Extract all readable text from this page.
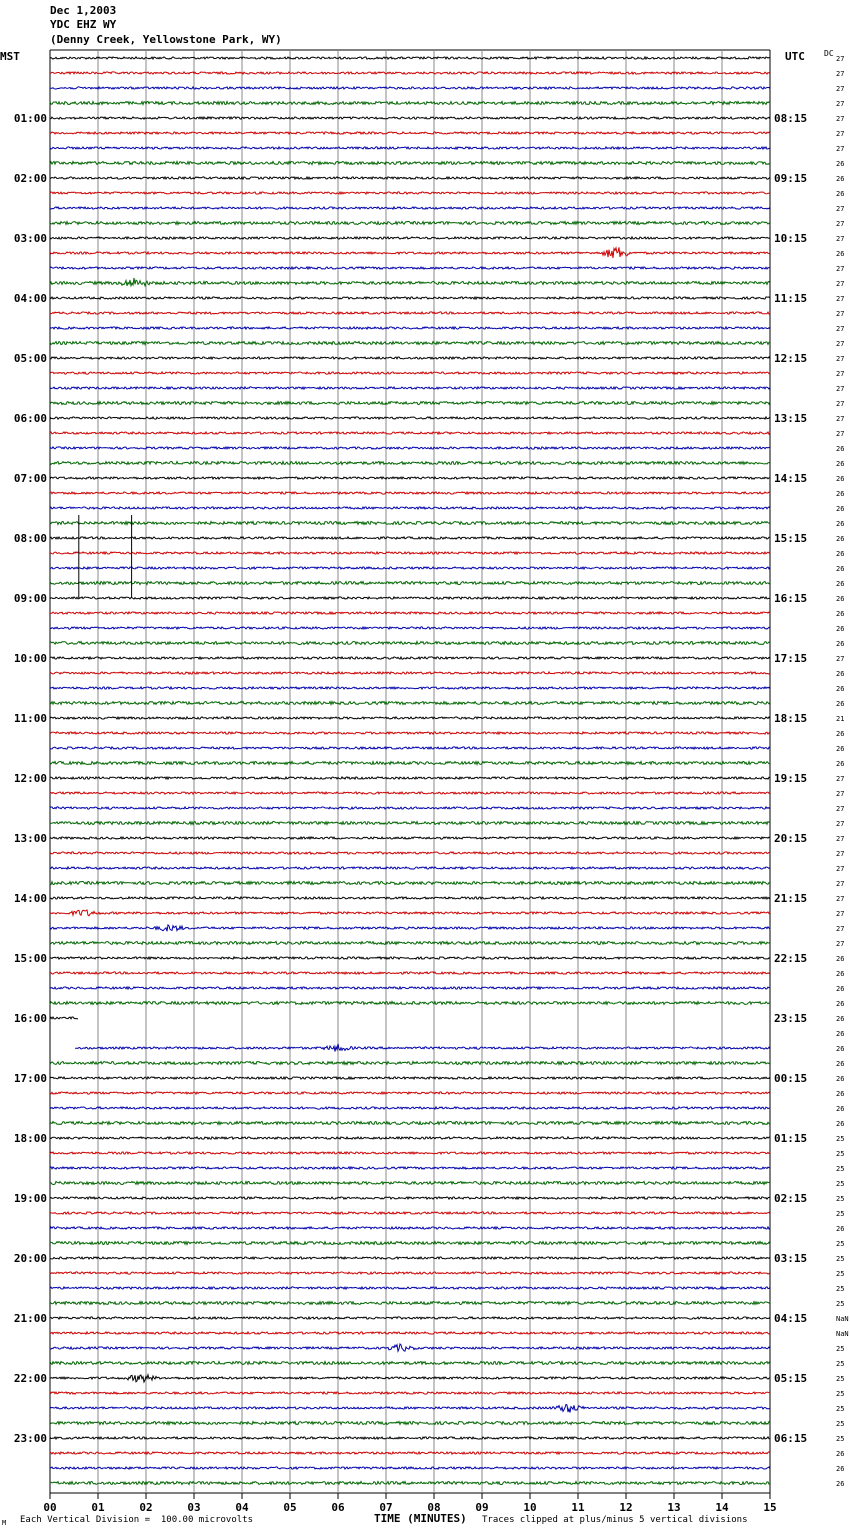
Dec 1,2003
YDC EHZ WY
(Denny Creek, Yellowstone Park, WY)
MST	UTC DC
00	01	02	03	04	05	06	07	08	09	10	11	12	13	14	15
27
27
27
27
27
01:00	08:15
27
27
26
26
02:00	09:15
26
27
27
27
03:00	10:15
26
27
27
27
04:00	11:15
27
27
27
27
05:00	12:15
27
27
27
27
06:00	13:15
27
26
26
26
07:00	14:15
26
26
26
26
08:00	15:15
26
26
26
26
09:00	16:15
26
26
26
27
10:00	17:15
26
26
26
21
11:00	18:15
26
26
26
27
12:00	19:15
27
27
27
27
13:00	20:15
27
27
27
27
14:00	21:15
27
27
27
26
15:00	22:15
26
26
26
26
16:00	23:15
26
26
26
26
17:00	00:15
26
26
26
25
18:00	01:15
25
25
25
25
19:00	02:15
25
26
25
25
20:00	03:15
25
25
25
NaN
21:00	04:15
NaN
25
25
25
22:00	05:15
25
25
25
25
23:00	06:15
26
26
26
M Each Vertical Division =  100.00 microvolts	TIME (MINUTES) Traces clipped at plus/minus 5 vertical divisions
